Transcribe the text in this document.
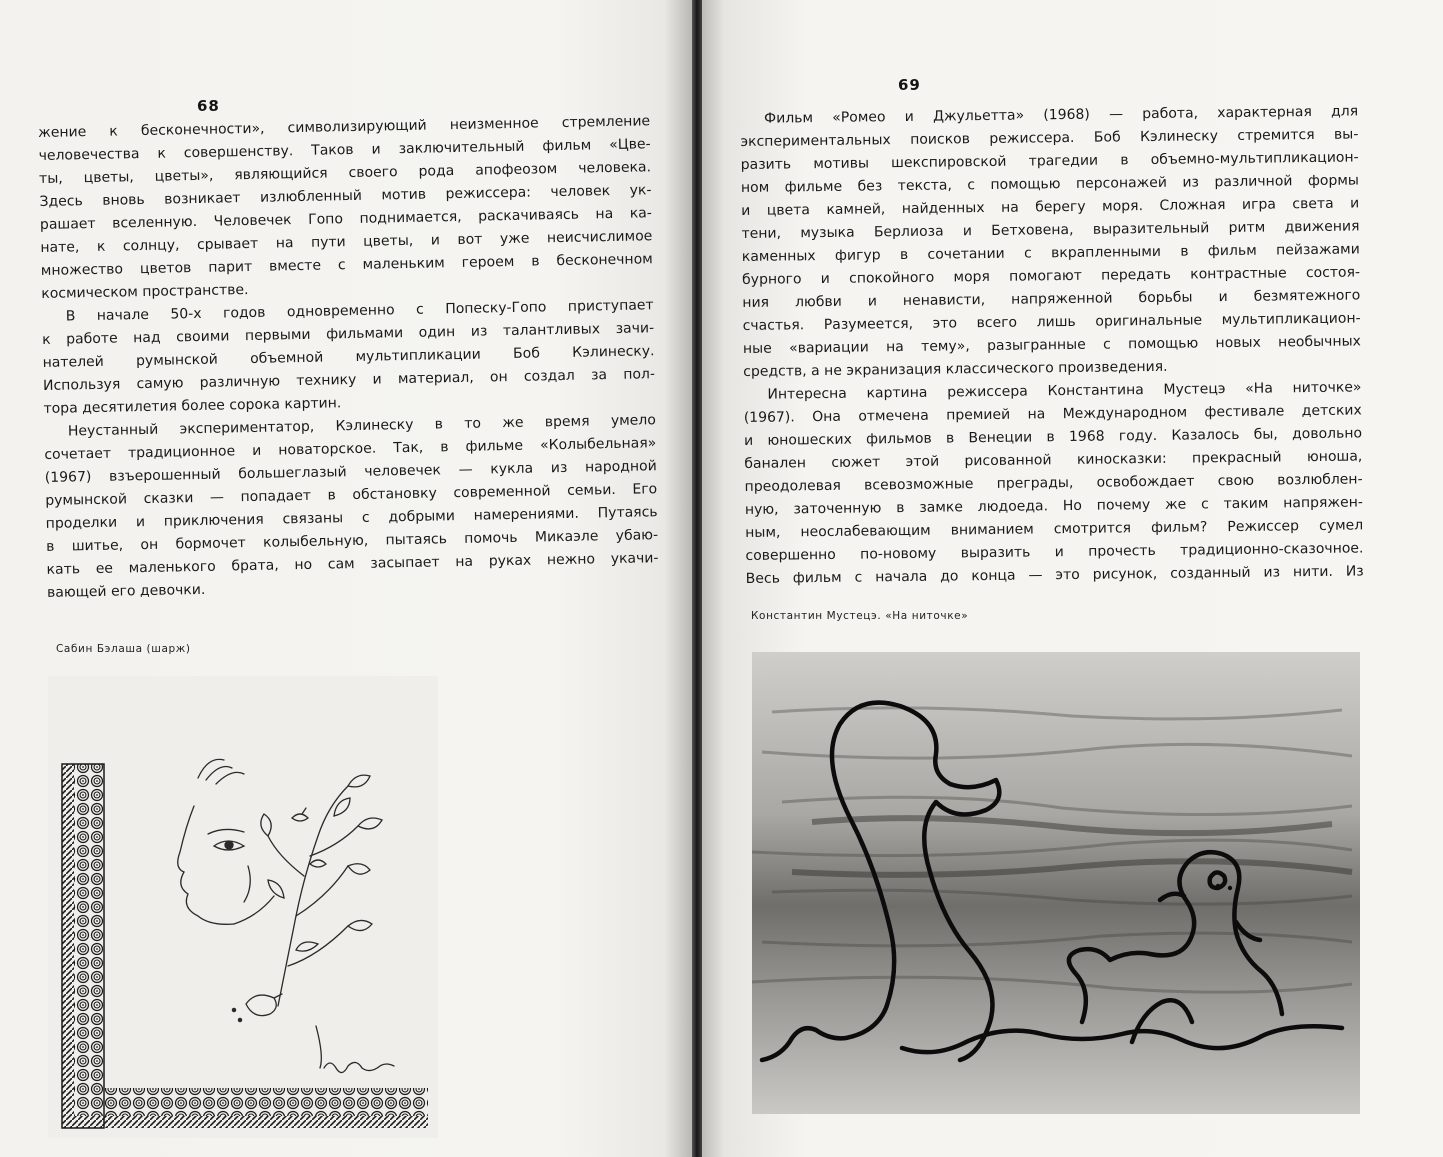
68
жение к бесконечности», символизирующий неизменное стремление
человечества к совершенству. Таков и заключительный фильм «Цве-
ты, цветы, цветы», являющийся своего рода апофеозом человека.
Здесь вновь возникает излюбленный мотив режиссера: человек ук-
рашает вселенную. Человечек Гопо поднимается, раскачиваясь на ка-
нате, к солнцу, срывает на пути цветы, и вот уже неисчислимое
множество цветов парит вместе с маленьким героем в бесконечном
космическом пространстве.
В начале 50-х годов одновременно с Попеску-Гопо приступает
к работе над своими первыми фильмами один из талантливых зачи-
нателей румынской объемной мультипликации Боб Кэлинеску.
Используя самую различную технику и материал, он создал за пол-
тора десятилетия более сорока картин.
Неустанный экспериментатор, Кэлинеску в то же время умело
сочетает традиционное и новаторское. Так, в фильме «Колыбельная»
(1967) взъерошенный большеглазый человечек — кукла из народной
румынской сказки — попадает в обстановку современной семьи. Его
проделки и приключения связаны с добрыми намерениями. Путаясь
в шитье, он бормочет колыбельную, пытаясь помочь Микаэле убаю-
кать ее маленького брата, но сам засыпает на руках нежно укачи-
вающей его девочки.
Сабин Бэлаша (шарж)
69
Фильм «Ромео и Джульетта» (1968) — работа, характерная для
экспериментальных поисков режиссера. Боб Кэлинеску стремится вы-
разить мотивы шекспировской трагедии в объемно-мультипликацион-
ном фильме без текста, с помощью персонажей из различной формы
и цвета камней, найденных на берегу моря. Сложная игра света и
тени, музыка Берлиоза и Бетховена, выразительный ритм движения
каменных фигур в сочетании с вкрапленными в фильм пейзажами
бурного и спокойного моря помогают передать контрастные состоя-
ния любви и ненависти, напряженной борьбы и безмятежного
счастья. Разумеется, это всего лишь оригинальные мультипликацион-
ные «вариации на тему», разыгранные с помощью новых необычных
средств, а не экранизация классического произведения.
Интересна картина режиссера Константина Мустецэ «На ниточке»
(1967). Она отмечена премией на Международном фестивале детских
и юношеских фильмов в Венеции в 1968 году. Казалось бы, довольно
банален сюжет этой рисованной киносказки: прекрасный юноша,
преодолевая всевозможные преграды, освобождает свою возлюблен-
ную, заточенную в замке людоеда. Но почему же с таким напряжен-
ным, неослабевающим вниманием смотрится фильм? Режиссер сумел
совершенно по-новому выразить и прочесть традиционно-сказочное.
Весь фильм с начала до конца — это рисунок, созданный из нити. Из
Константин Мустецэ. «На ниточке»
